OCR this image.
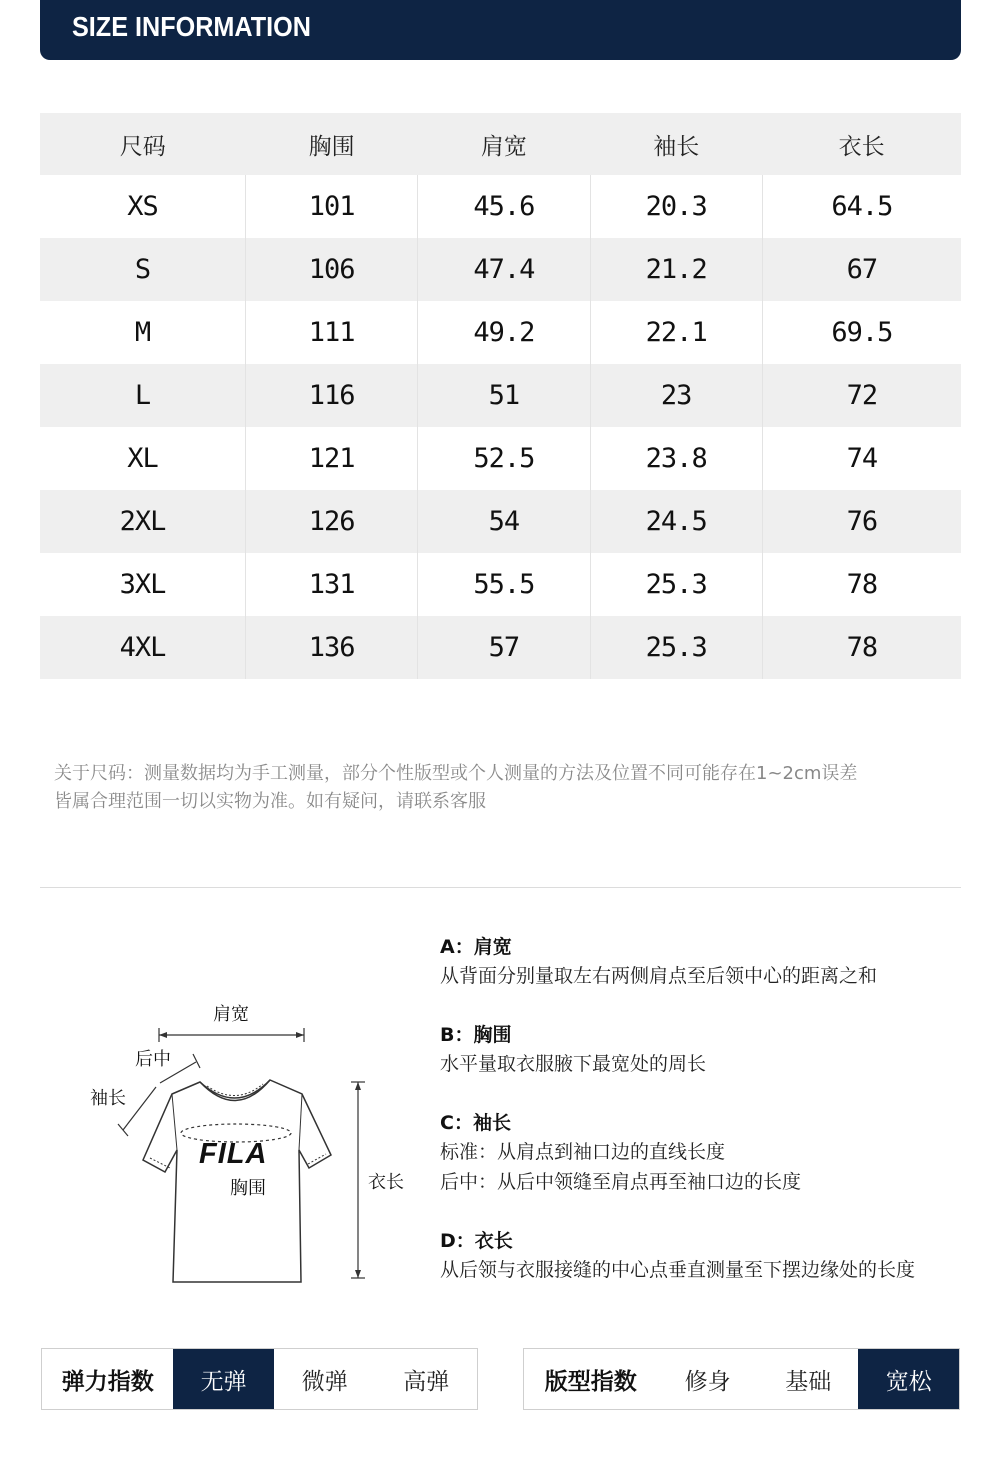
SIZE INFORMATION
尺码	胸围	肩宽	袖长	衣长
XS	101	45.6	20.3	64.5
S	106	47.4	21.2	67
M	111	49.2	22.1	69.5
L	116	51	23	72
XL	121	52.5	23.8	74
2XL	126	54	24.5	76
3XL	131	55.5	25.3	78
4XL	136	57	25.3	78
关于尺码：测量数据均为手工测量，部分个性版型或个人测量的方法及位置不同可能存在1~2cm误差
皆属合理范围一切以实物为准。如有疑问，请联系客服
肩宽
后中
袖长
FILA
胸围	衣长
A：肩宽
从背面分别量取左右两侧肩点至后领中心的距离之和
B：胸围
水平量取衣服腋下最宽处的周长
C：袖长
标准：从肩点到袖口边的直线长度
后中：从后中领缝至肩点再至袖口边的长度
D：衣长
从后领与衣服接缝的中心点垂直测量至下摆边缘处的长度
弹力指数	无弹	微弹	高弹	版型指数	修身	基础	宽松
